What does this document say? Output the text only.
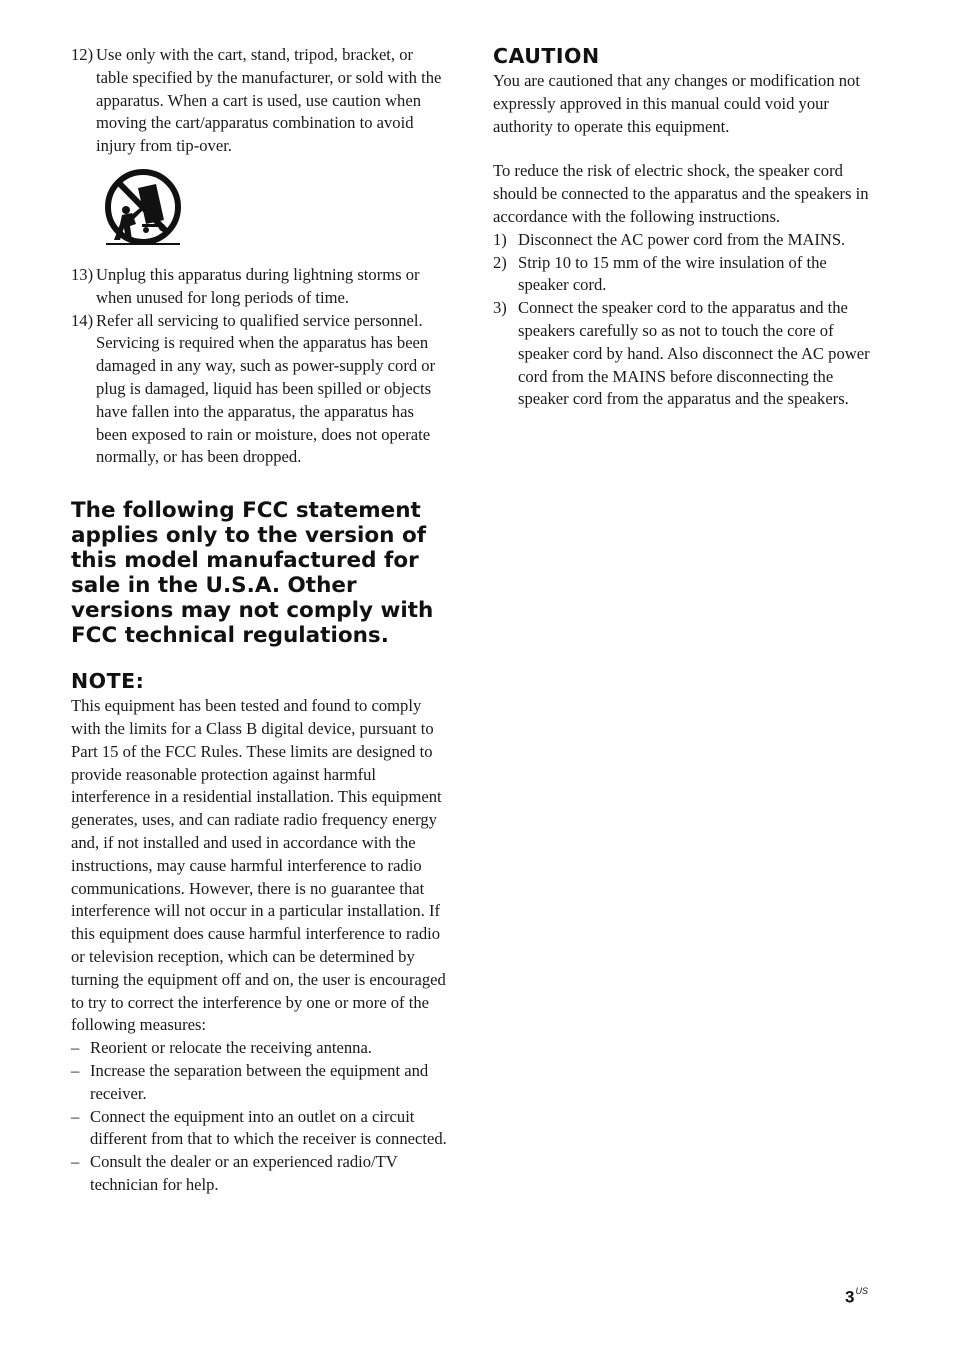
12) Use only with the cart, stand, tripod, bracket, or table specified by the manufacturer, or sold with the apparatus. When a cart is used, use caution when moving the cart/apparatus combination to avoid injury from tip-over.
13) Unplug this apparatus during lightning storms or when unused for long periods of time.
14) Refer all servicing to qualified service personnel. Servicing is required when the apparatus has been damaged in any way, such as power-supply cord or plug is damaged, liquid has been spilled or objects have fallen into the apparatus, the apparatus has been exposed to rain or moisture, does not operate normally, or has been dropped.
The following FCC statement applies only to the version of this model manufactured for sale in the U.S.A. Other versions may not comply with FCC technical regulations.
NOTE:

This equipment has been tested and found to comply with the limits for a Class B digital device, pursuant to Part 15 of the FCC Rules. These limits are designed to provide reasonable protection against harmful interference in a residential installation. This equipment generates, uses, and can radiate radio frequency energy and, if not installed and used in accordance with the instructions, may cause harmful interference to radio communications. However, there is no guarantee that interference will not occur in a particular installation. If this equipment does cause harmful interference to radio or television reception, which can be determined by turning the equipment off and on, the user is encouraged to try to correct the interference by one or more of the following measures:

– Reorient or relocate the receiving antenna.
– Increase the separation between the equipment and receiver.
– Connect the equipment into an outlet on a circuit different from that to which the receiver is connected.
– Consult the dealer or an experienced radio/TV technician for help.
CAUTION

You are cautioned that any changes or modification not expressly approved in this manual could void your authority to operate this equipment.

To reduce the risk of electric shock, the speaker cord should be connected to the apparatus and the speakers in accordance with the following instructions.

1) Disconnect the AC power cord from the MAINS.
2) Strip 10 to 15 mm of the wire insulation of the speaker cord.
3) Connect the speaker cord to the apparatus and the speakers carefully so as not to touch the core of speaker cord by hand. Also disconnect the AC power cord from the MAINS before disconnecting the speaker cord from the apparatus and the speakers.
$3^{US}$
